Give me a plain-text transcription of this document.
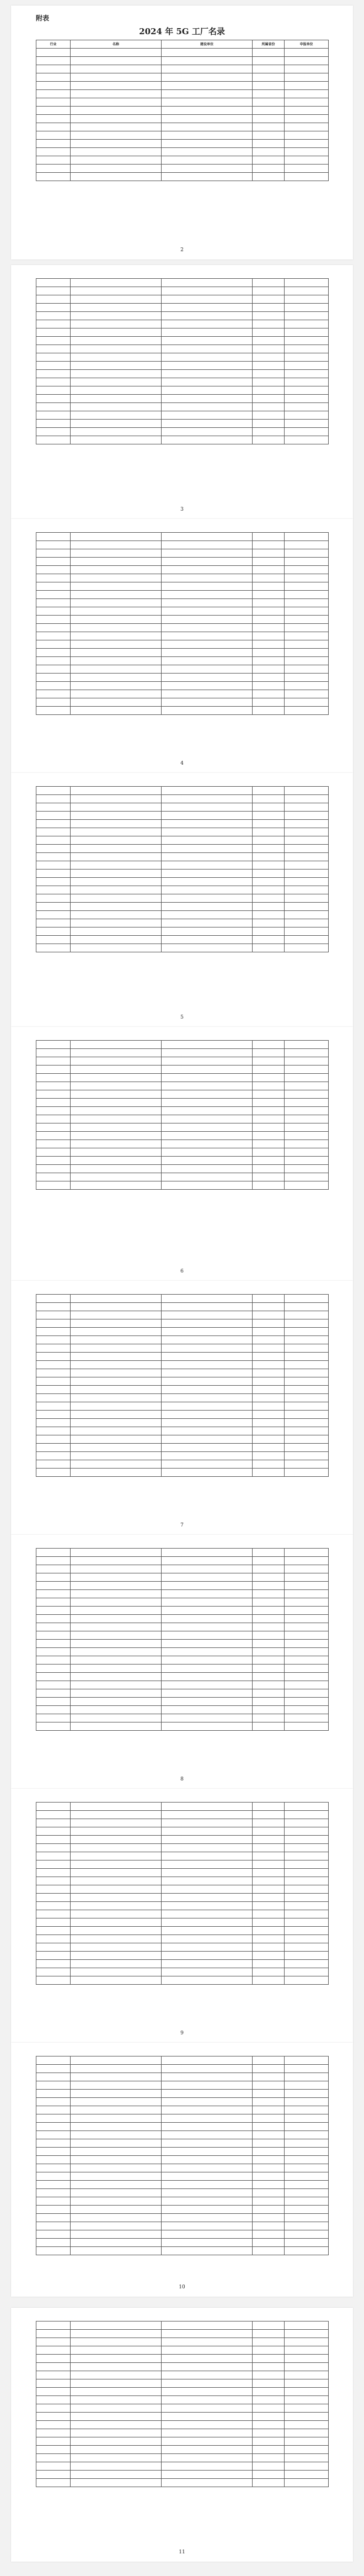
附表
2024 年 5G 工厂名录
行业	名称	建设单位	所属省份	申报单位

2

3

4

5

6

7

8

9

10

11
